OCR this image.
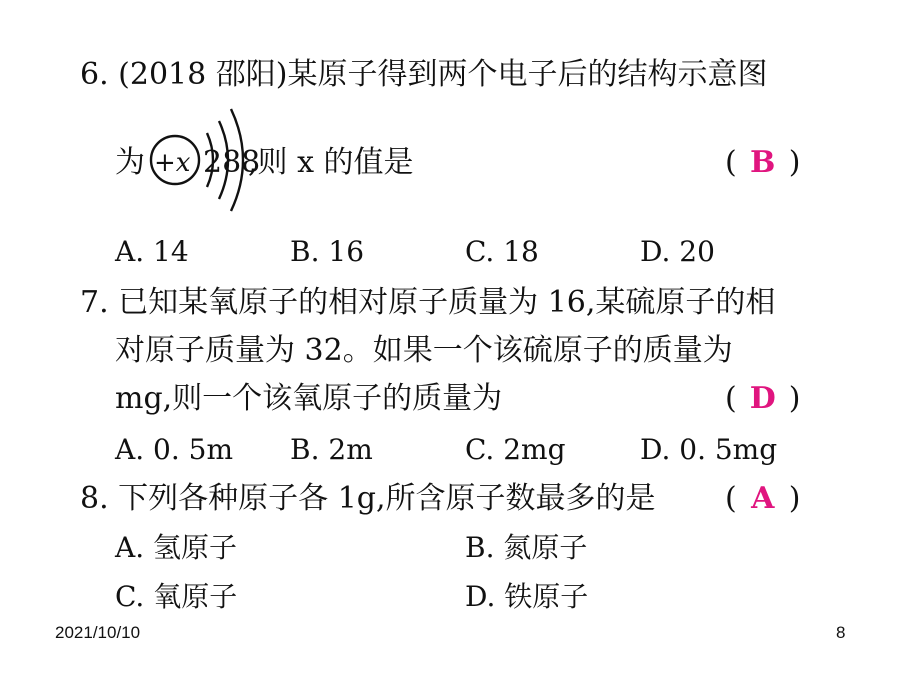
6. (2018 邵阳)某原子得到两个电子后的结构示意图
为 +x 288
,则 x 的值是	( B )
A. 14	B. 16	C. 18	D. 20
7. 已知某氧原子的相对原子质量为 16,某硫原子的相
对原子质量为 32。如果一个该硫原子的质量为
mg,则一个该氧原子的质量为	( D )
A. 0. 5m B. 2m	C. 2mg	D. 0. 5mg
8. 下列各种原子各 1g,所含原子数最多的是 ( A )
A. 氢原子	B. 氮原子
C. 氧原子	D. 铁原子
2021/10/10	8
